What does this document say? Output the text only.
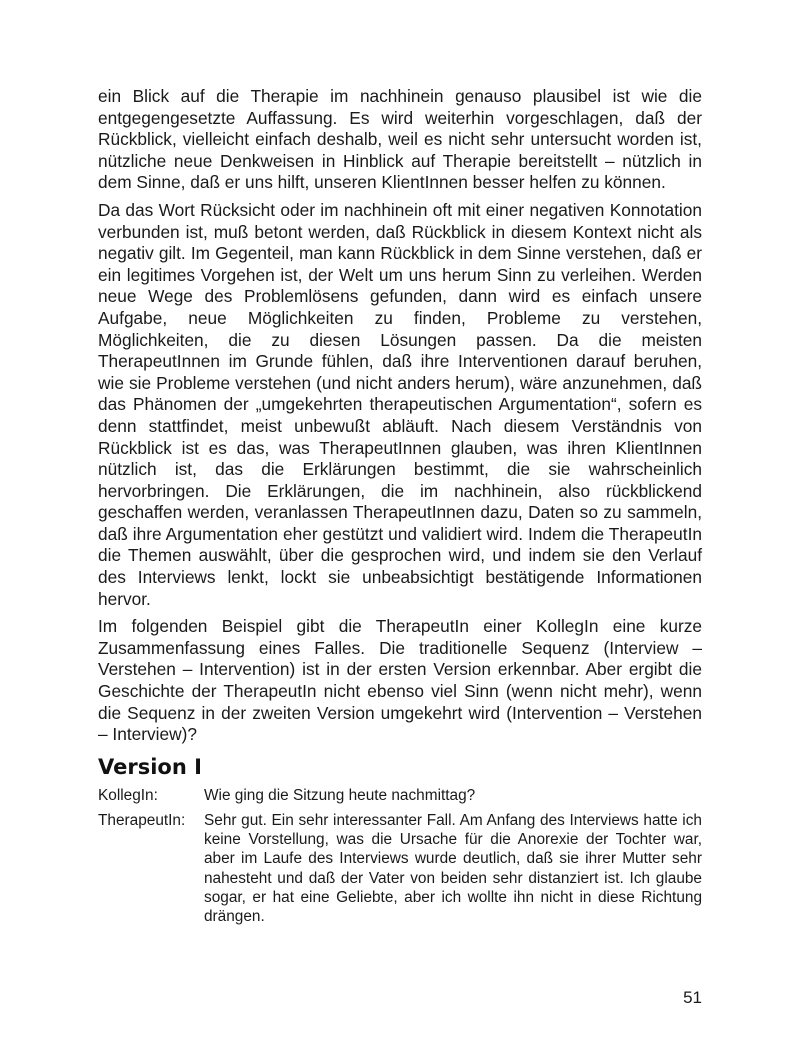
ein Blick auf die Therapie im nachhinein genauso plausibel ist wie die entgegengesetzte Auffassung. Es wird weiterhin vorgeschlagen, daß der Rückblick, vielleicht einfach deshalb, weil es nicht sehr untersucht worden ist, nützliche neue Denkweisen in Hinblick auf Therapie bereitstellt – nützlich in dem Sinne, daß er uns hilft, unseren KlientInnen besser helfen zu können.

Da das Wort Rücksicht oder im nachhinein oft mit einer negativen Konnotation verbunden ist, muß betont werden, daß Rückblick in diesem Kontext nicht als negativ gilt. Im Gegenteil, man kann Rückblick in dem Sinne verstehen, daß er ein legitimes Vorgehen ist, der Welt um uns herum Sinn zu verleihen. Werden neue Wege des Problemlösens gefunden, dann wird es einfach unsere Aufgabe, neue Möglichkeiten zu finden, Probleme zu verstehen, Möglichkeiten, die zu diesen Lösungen passen. Da die meisten TherapeutInnen im Grunde fühlen, daß ihre Interventionen darauf beruhen, wie sie Probleme verstehen (und nicht anders herum), wäre anzunehmen, daß das Phänomen der „umgekehrten therapeutischen Argumentation“, sofern es denn stattfindet, meist unbewußt abläuft. Nach diesem Verständnis von Rückblick ist es das, was TherapeutInnen glauben, was ihren KlientInnen nützlich ist, das die Erklärungen bestimmt, die sie wahrscheinlich hervorbringen. Die Erklärungen, die im nachhinein, also rückblickend geschaffen werden, veranlassen TherapeutInnen dazu, Daten so zu sammeln, daß ihre Argumentation eher gestützt und validiert wird. Indem die TherapeutIn die Themen auswählt, über die gesprochen wird, und indem sie den Verlauf des Interviews lenkt, lockt sie unbeabsichtigt bestätigende Informationen hervor.

Im folgenden Beispiel gibt die TherapeutIn einer KollegIn eine kurze Zusammenfassung eines Falles. Die traditionelle Sequenz (Interview – Verstehen – Intervention) ist in der ersten Version erkennbar. Aber ergibt die Geschichte der TherapeutIn nicht ebenso viel Sinn (wenn nicht mehr), wenn die Sequenz in der zweiten Version umgekehrt wird (Intervention – Verstehen – Interview)?

Version I
KollegIn:	Wie ging die Sitzung heute nachmittag?
TherapeutIn:	Sehr gut. Ein sehr interessanter Fall. Am Anfang des Interviews hatte ich keine Vorstellung, was die Ursache für die Anorexie der Tochter war, aber im Laufe des Interviews wurde deutlich, daß sie ihrer Mutter sehr nahesteht und daß der Vater von beiden sehr distanziert ist. Ich glaube sogar, er hat eine Geliebte, aber ich wollte ihn nicht in diese Richtung drängen.
51
